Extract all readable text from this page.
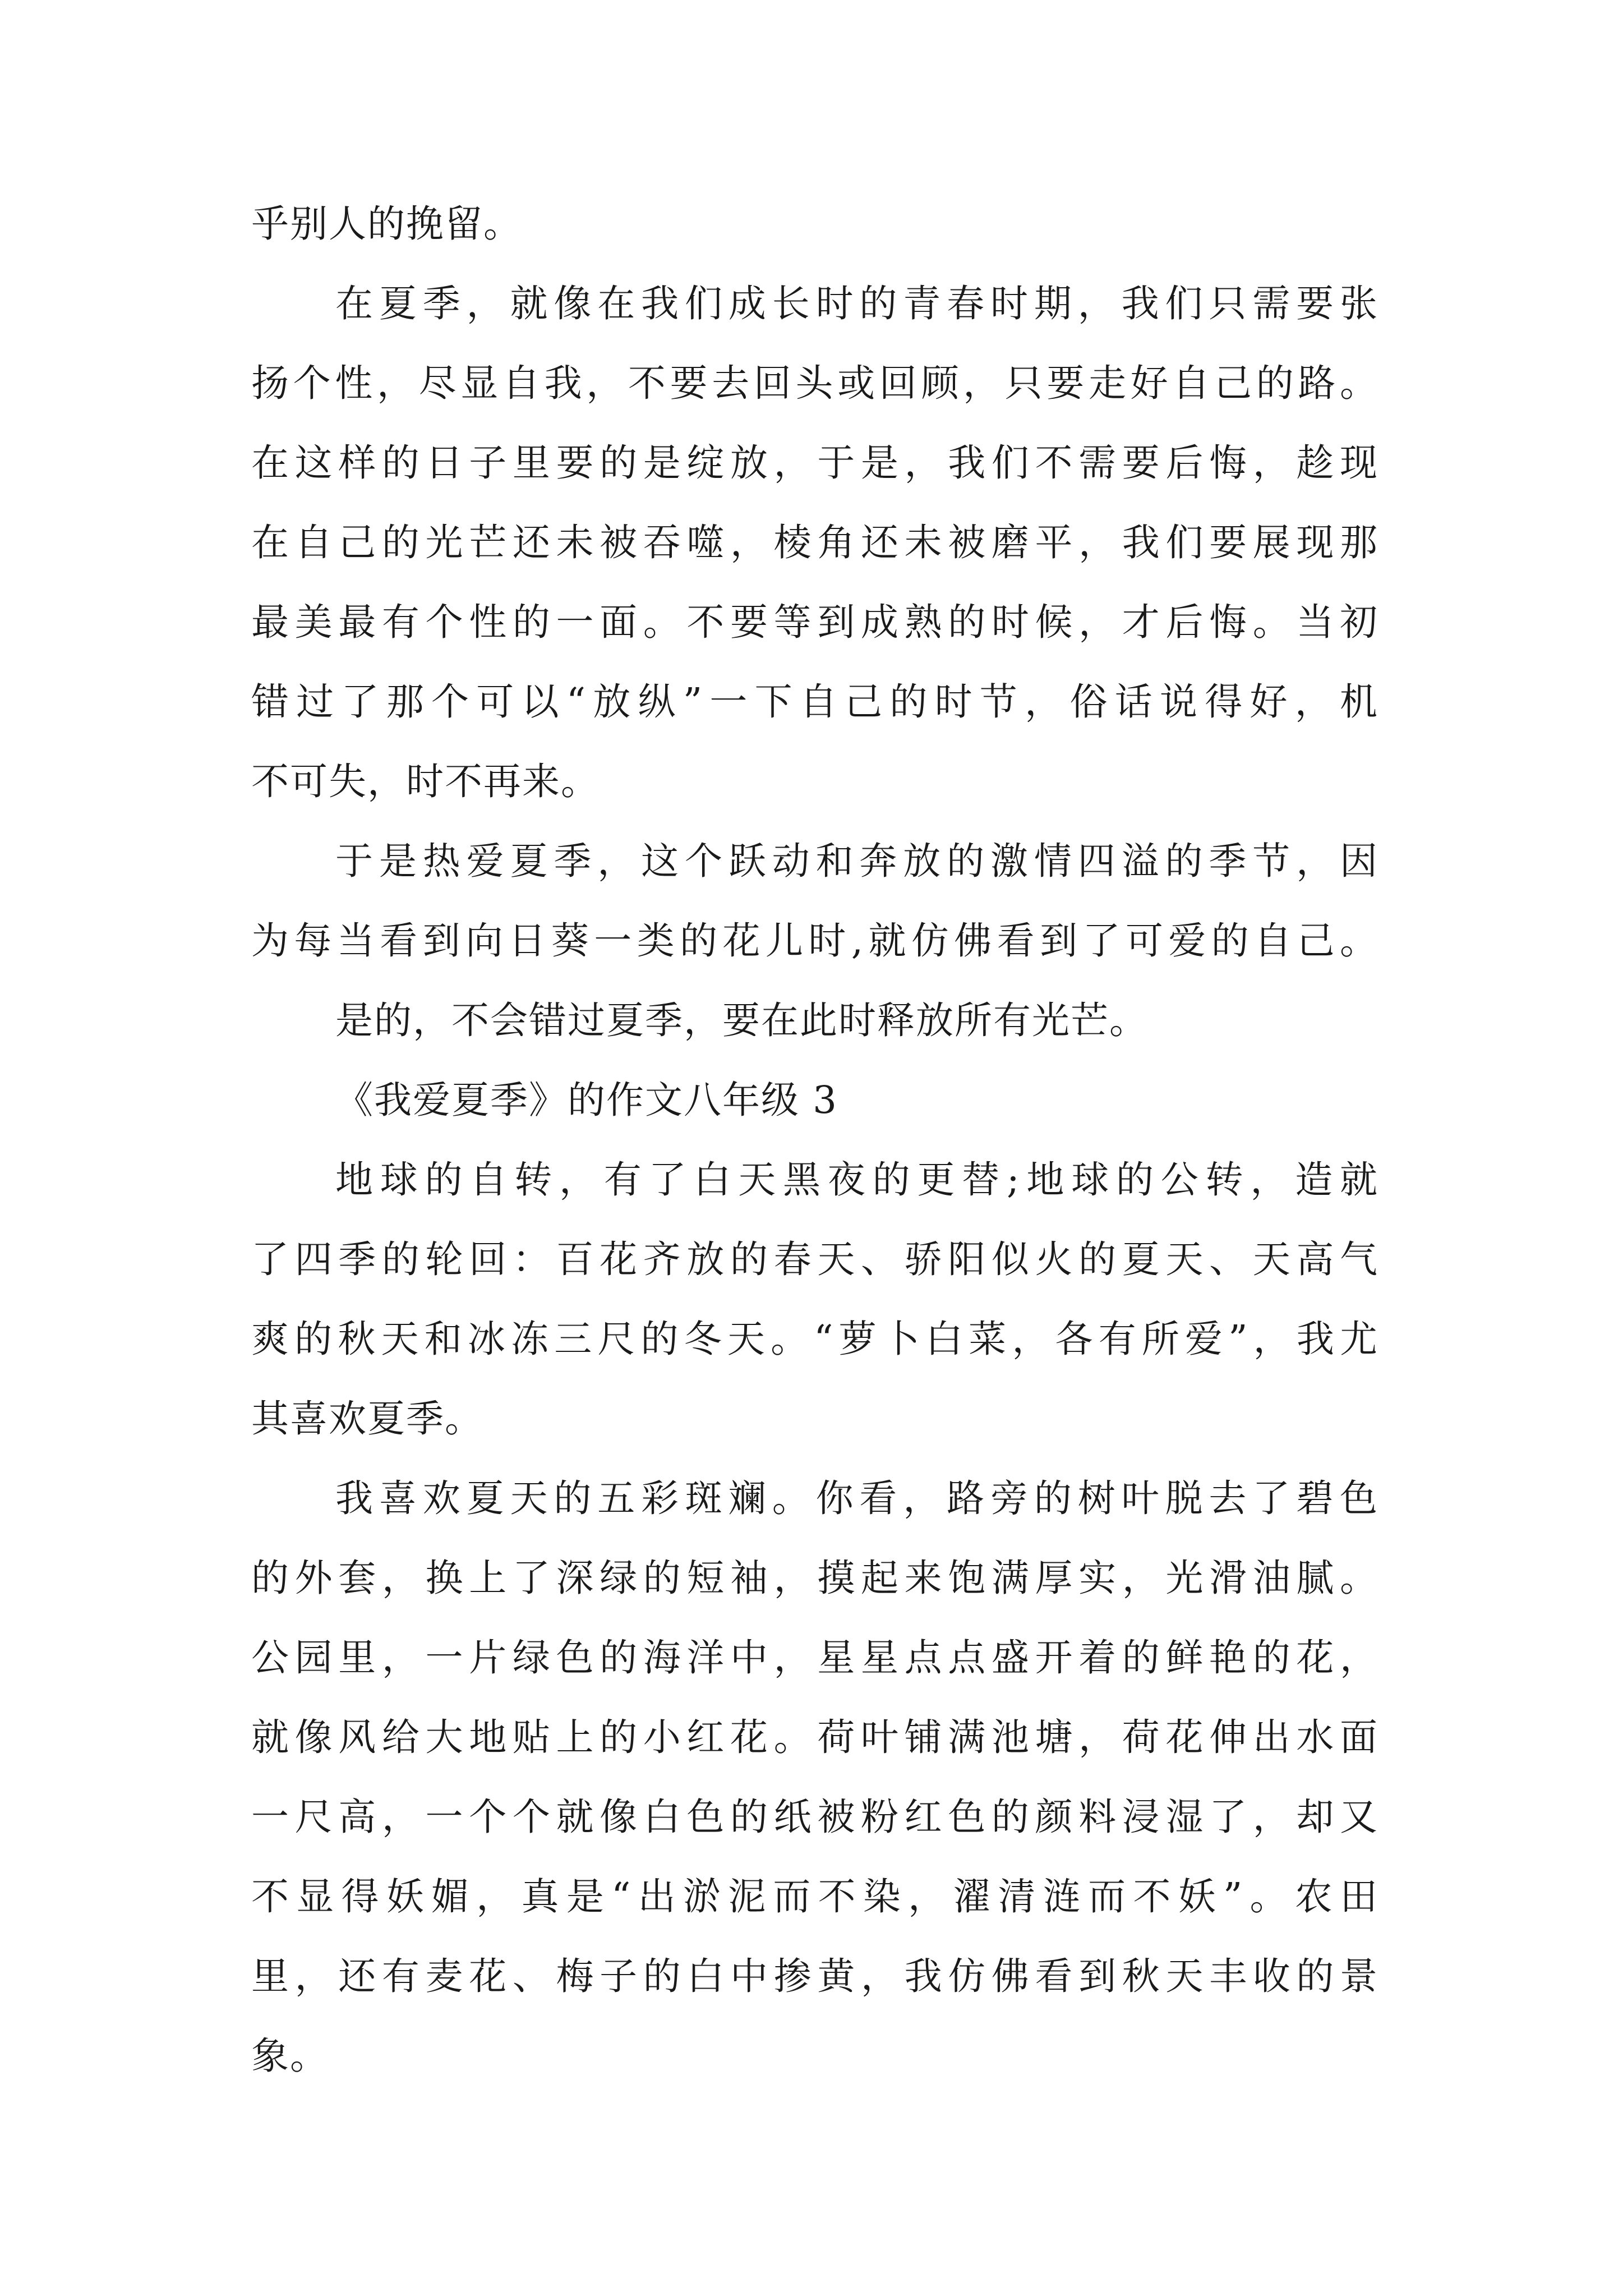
乎别人的挽留。
在夏季，就像在我们成长时的青春时期，我们只需要张
扬个性，尽显自我，不要去回头或回顾，只要走好自己的路。
在这样的日子里要的是绽放，于是，我们不需要后悔，趁现
在自己的光芒还未被吞噬，棱角还未被磨平，我们要展现那
最美最有个性的一面。不要等到成熟的时候，才后悔。当初
错过了那个可以“放纵”一下自己的时节，俗话说得好，机
不可失，时不再来。
于是热爱夏季，这个跃动和奔放的激情四溢的季节，因
为每当看到向日葵一类的花儿时,就仿佛看到了可爱的自己。
是的，不会错过夏季，要在此时释放所有光芒。
《我爱夏季》的作文八年级 3
地球的自转，有了白天黑夜的更替;地球的公转，造就
了四季的轮回：百花齐放的春天、骄阳似火的夏天、天高气
爽的秋天和冰冻三尺的冬天。“萝卜白菜，各有所爱”，我尤
其喜欢夏季。
我喜欢夏天的五彩斑斓。你看，路旁的树叶脱去了碧色
的外套，换上了深绿的短袖，摸起来饱满厚实，光滑油腻。
公园里，一片绿色的海洋中，星星点点盛开着的鲜艳的花，
就像风给大地贴上的小红花。荷叶铺满池塘，荷花伸出水面
一尺高，一个个就像白色的纸被粉红色的颜料浸湿了，却又
不显得妖媚，真是“出淤泥而不染，濯清涟而不妖”。农田
里，还有麦花、梅子的白中掺黄，我仿佛看到秋天丰收的景
象。
